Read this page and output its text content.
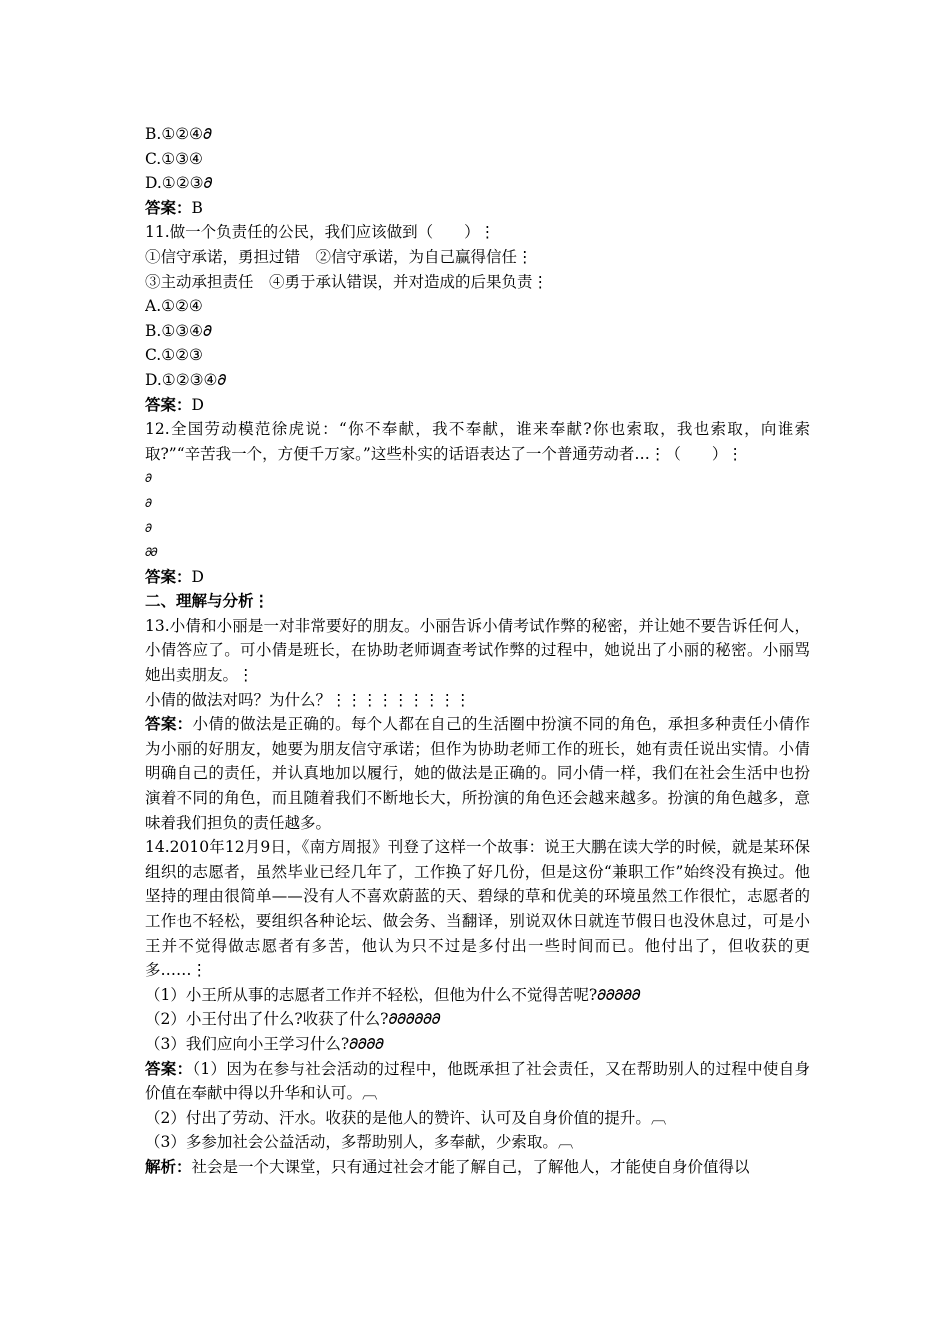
B.①②④𝜕
C.①③④
D.①②③𝜕
答案：B
11.做一个负责任的公民，我们应该做到（　　）⋮
①信守承诺，勇担过错　②信守承诺，为自己赢得信任⋮
③主动承担责任　④勇于承认错误，并对造成的后果负责⋮
A.①②④
B.①③④𝜕
C.①②③
D.①②③④𝜕
答案：D
12.全国劳动模范徐虎说：“你不奉献，我不奉献，谁来奉献?你也索取，我也索取，向谁索取?”“辛苦我一个，方便千万家。”这些朴实的话语表达了一个普通劳动者…⋮（　　）⋮
𝜕
𝜕
𝜕
𝜕𝜕
答案：D
二、理解与分析⋮
13.小倩和小丽是一对非常要好的朋友。小丽告诉小倩考试作弊的秘密，并让她不要告诉任何人，小倩答应了。可小倩是班长，在协助老师调查考试作弊的过程中，她说出了小丽的秘密。小丽骂她出卖朋友。⋮
小倩的做法对吗？为什么？⋮⋮⋮⋮⋮⋮⋮⋮⋮
答案：小倩的做法是正确的。每个人都在自己的生活圈中扮演不同的角色，承担多种责任小倩作为小丽的好朋友，她要为朋友信守承诺；但作为协助老师工作的班长，她有责任说出实情。小倩明确自己的责任，并认真地加以履行，她的做法是正确的。同小倩一样，我们在社会生活中也扮演着不同的角色，而且随着我们不断地长大，所扮演的角色还会越来越多。扮演的角色越多，意味着我们担负的责任越多。
14.2010年12月9日，《南方周报》刊登了这样一个故事：说王大鹏在读大学的时候，就是某环保组织的志愿者，虽然毕业已经几年了，工作换了好几份，但是这份“兼职工作”始终没有换过。他坚持的理由很简单——没有人不喜欢蔚蓝的天、碧绿的草和优美的环境虽然工作很忙，志愿者的工作也不轻松，要组织各种论坛、做会务、当翻译，别说双休日就连节假日也没休息过，可是小王并不觉得做志愿者有多苦，他认为只不过是多付出一些时间而已。他付出了，但收获的更多……⋮
（1）小王所从事的志愿者工作并不轻松，但他为什么不觉得苦呢?𝜕𝜕𝜕𝜕𝜕
（2）小王付出了什么?收获了什么?𝜕𝜕𝜕𝜕𝜕𝜕
（3）我们应向小王学习什么?𝜕𝜕𝜕𝜕
答案：（1）因为在参与社会活动的过程中，他既承担了社会责任，又在帮助别人的过程中使自身价值在奉献中得以升华和认可。︹
（2）付出了劳动、汗水。收获的是他人的赞许、认可及自身价值的提升。︹
（3）多参加社会公益活动，多帮助别人，多奉献，少索取。︹
解析：社会是一个大课堂，只有通过社会才能了解自己，了解他人，才能使自身价值得以
